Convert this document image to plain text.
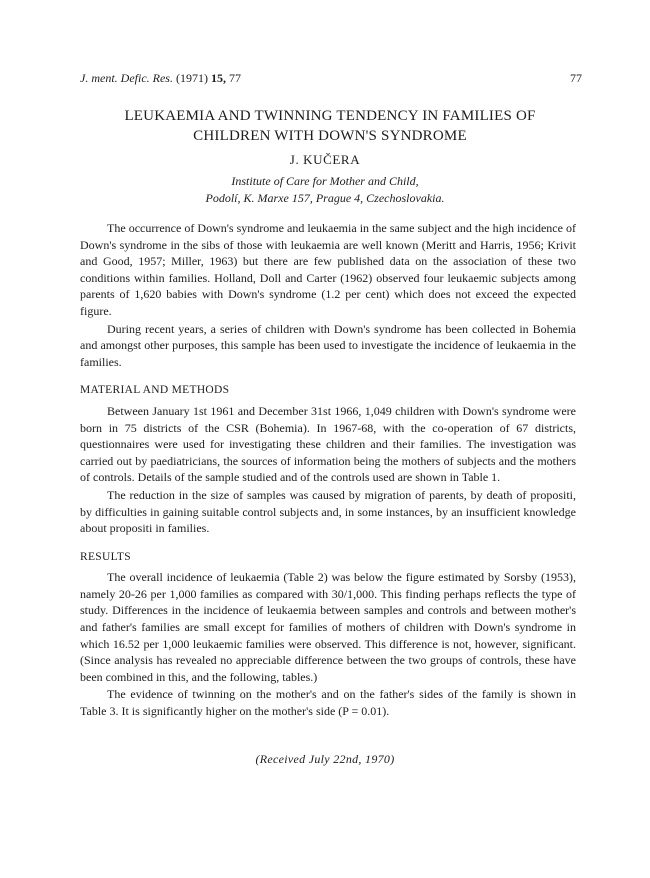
J. ment. Defic. Res. (1971) 15, 77	77
LEUKAEMIA AND TWINNING TENDENCY IN FAMILIES OF
CHILDREN WITH DOWN'S SYNDROME
J. KUČERA
Institute of Care for Mother and Child,
Podolí, K. Marxe 157, Prague 4, Czechoslovakia.

The occurrence of Down's syndrome and leukaemia in the same subject and the high incidence of Down's syndrome in the sibs of those with leukaemia are well known (Meritt and Harris, 1956; Krivit and Good, 1957; Miller, 1963) but there are few published data on the association of these two conditions within families. Holland, Doll and Carter (1962) observed four leukaemic subjects among parents of 1,620 babies with Down's syndrome (1.2 per cent) which does not exceed the expected figure.

During recent years, a series of children with Down's syndrome has been collected in Bohemia and amongst other purposes, this sample has been used to investigate the incidence of leukaemia in the families.

MATERIAL AND METHODS

Between January 1st 1961 and December 31st 1966, 1,049 children with Down's syndrome were born in 75 districts of the CSR (Bohemia). In 1967-68, with the co-operation of 67 districts, questionnaires were used for investigating these children and their families. The investigation was carried out by paediatricians, the sources of information being the mothers of subjects and the mothers of controls. Details of the sample studied and of the controls used are shown in Table 1.

The reduction in the size of samples was caused by migration of parents, by death of propositi, by difficulties in gaining suitable control subjects and, in some instances, by an insufficient knowledge about propositi in families.

RESULTS

The overall incidence of leukaemia (Table 2) was below the figure estimated by Sorsby (1953), namely 20-26 per 1,000 families as compared with 30/1,000. This finding perhaps reflects the type of study. Differences in the incidence of leukaemia between samples and controls and between mother's and father's families are small except for families of mothers of children with Down's syndrome in which 16.52 per 1,000 leukaemic families were observed. This difference is not, however, significant. (Since analysis has revealed no appreciable difference between the two groups of controls, these have been combined in this, and the following, tables.)

The evidence of twinning on the mother's and on the father's sides of the family is shown in Table 3. It is significantly higher on the mother's side (P = 0.01).

(Received July 22nd, 1970)
